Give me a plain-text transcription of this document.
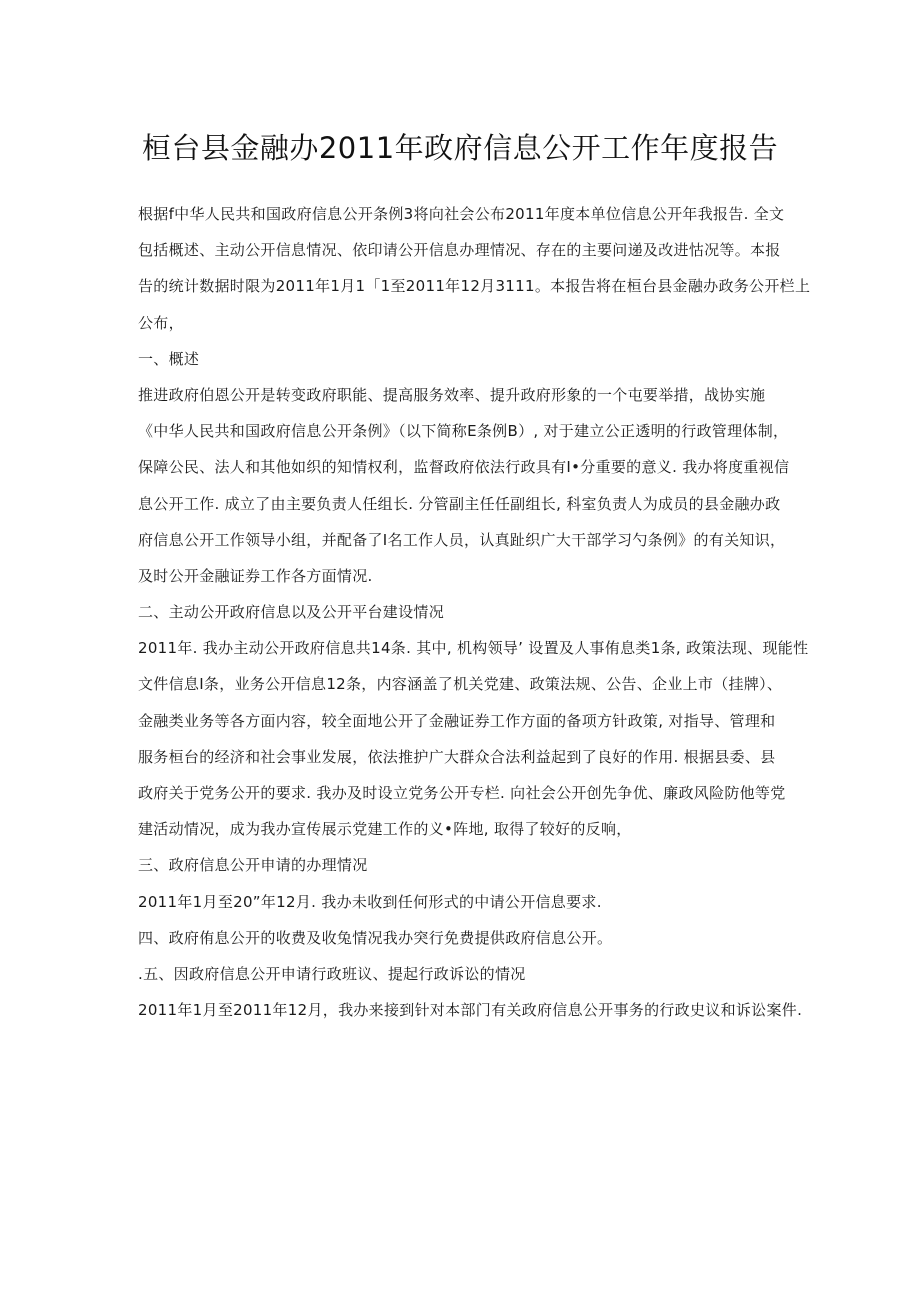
桓台县金融办2011年政府信息公开工作年度报告
根据f中华人民共和国政府信息公开条例3将向社会公布2011年度本单位信息公开年我报告. 全文
包括概述、主动公开信息情况、依印请公开信息办理情况、存在的主要问递及改进怙况等。本报
告的统计数据时限为2011年1月1「1至2011年12月3111。本报告将在桓台县金融办政务公开栏上
公布，
一、概述
推进政府伯恩公开是转变政府职能、提高服务效率、提升政府形象的一个屯要举措，战协实施
《中华人民共和国政府信息公开条例》（以下简称E条例B）, 对于建立公正透明的行政管理体制，
保障公民、法人和其他如织的知情权利，监督政府依法行政具有I•分重要的意义. 我办将度重视信
息公开工作. 成立了由主要负责人任组长. 分管副主任任副组长, 科室负责人为成员的县金融办政
府信息公开工作领导小组，并配备了I名工作人员，认真趾织广大干部学习勺条例》的有关知识，
及时公开金融证券工作各方面情况.
二、主动公开政府信息以及公开平台建设情况
2011年. 我办主动公开政府信息共14条. 其中, 机构领导’ 设置及人事侑息类1条, 政策法现、现能性
文件信息I条，业务公开信息12条，内容涵盖了机关党建、政策法规、公告、企业上市（挂牌）、
金融类业务等各方面内容，较全面地公开了金融证券工作方面的备项方针政策, 对指导、管理和
服务桓台的经济和社会事业发展，依法推护广大群众合法利益起到了良好的作用. 根据县委、县
政府关于党务公开的要求. 我办及时设立党务公开专栏. 向社会公开创先争优、廉政风险防他等党
建活动情况，成为我办宣传展示党建工作的义•阵地, 取得了较好的反响，
三、政府信息公开申请的办理情况
2011年1月至20”年12月. 我办未收到任何形式的中请公开信息要求.
四、政府侑息公开的收费及收兔情况我办突行免费提供政府信息公开。
.五、因政府信息公开申请行政班议、提起行政诉讼的情况
2011年1月至2011年12月，我办来接到针对本部门有关政府信息公开事务的行政史议和诉讼案件.
